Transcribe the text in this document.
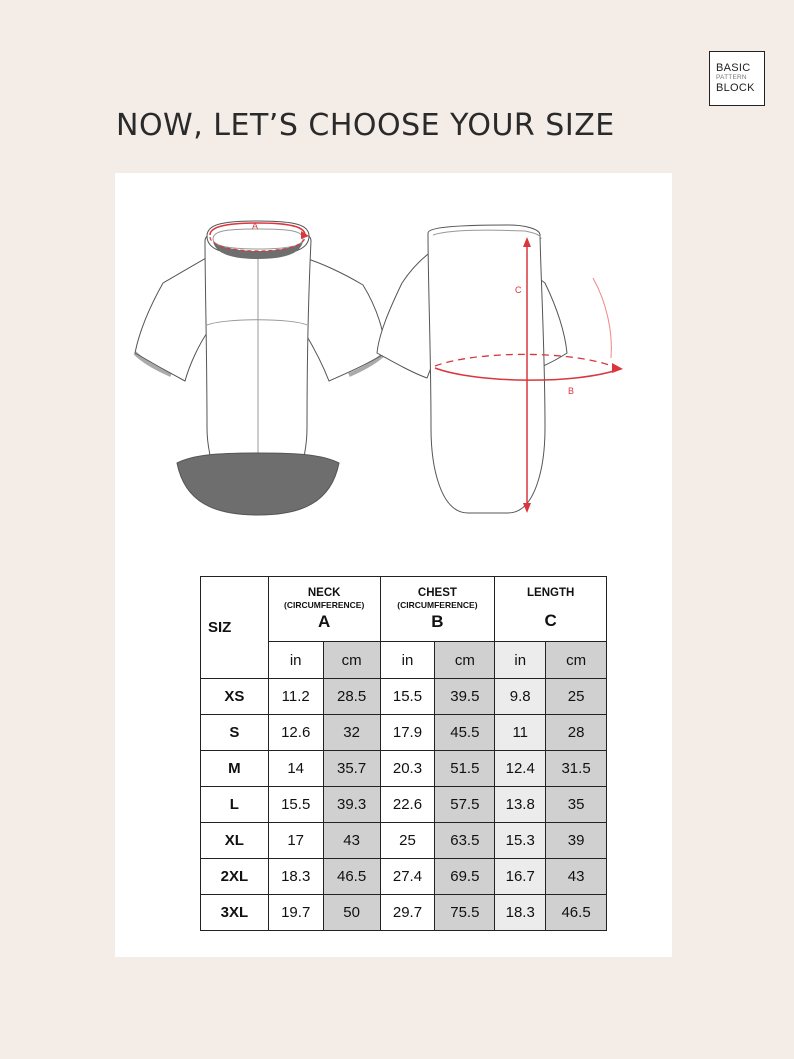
BASIC
PATTERN
BLOCK
NOW, LET’S CHOOSE YOUR SIZE
A
C
B
SIZ	NECK
(CIRCUMFERENCE)
A		CHEST
(CIRCUMFERENCE)
B		LENGTH
C	

	in	cm	in	cm	in	cm
XS	11.2	28.5	15.5	39.5	9.8	25
S	12.6	32	17.9	45.5	11	28
M	14	35.7	20.3	51.5	12.4	31.5
L	15.5	39.3	22.6	57.5	13.8	35
XL	17	43	25	63.5	15.3	39
2XL	18.3	46.5	27.4	69.5	16.7	43
3XL	19.7	50	29.7	75.5	18.3	46.5
